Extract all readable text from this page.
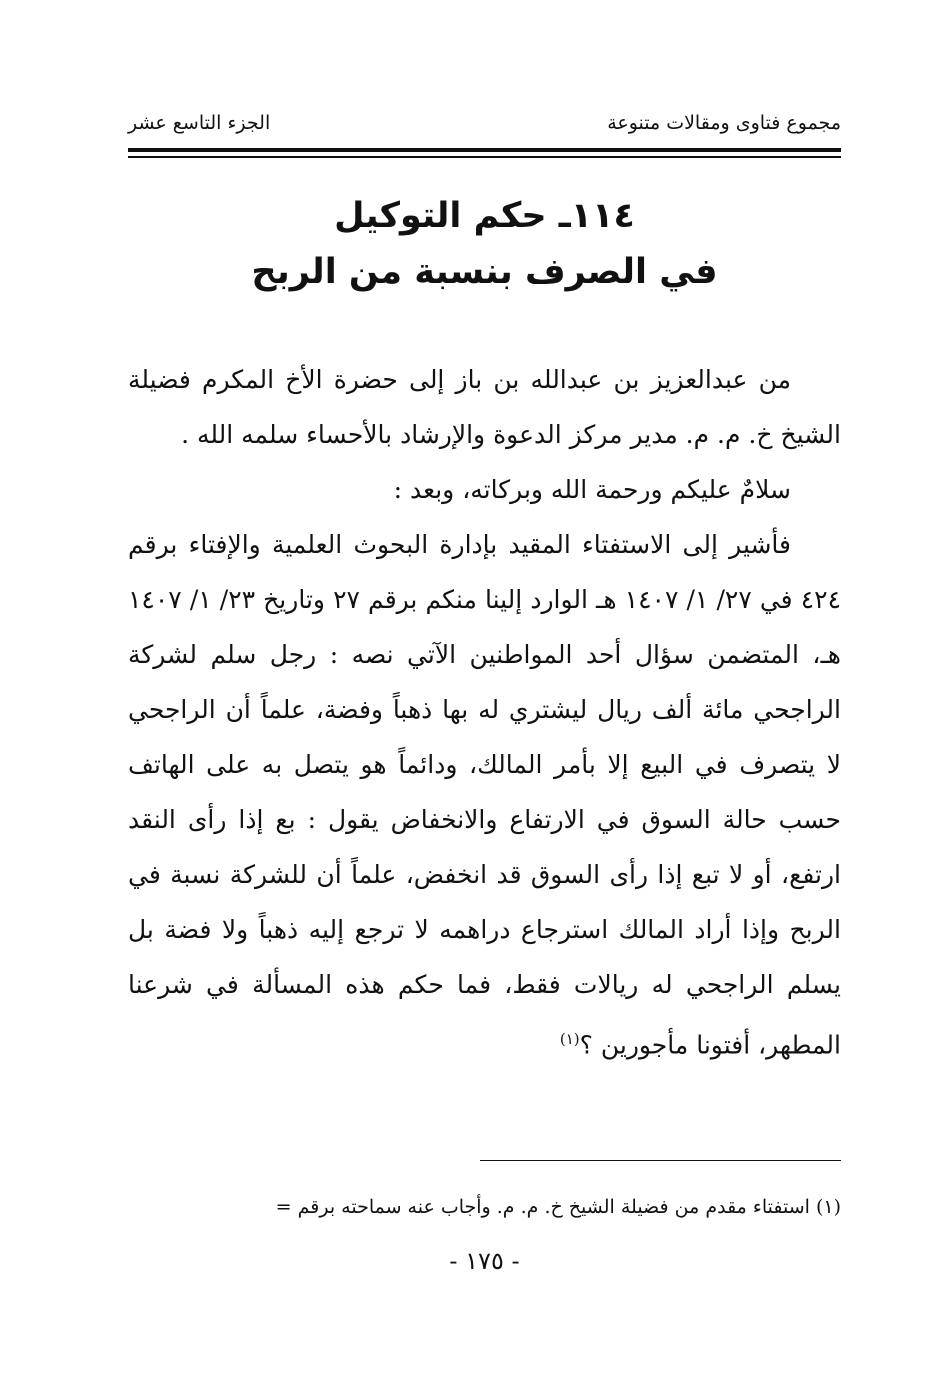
مجموع فتاوى ومقالات متنوعة
الجزء التاسع عشر
١١٤ـ حكم التوكيل
في الصرف بنسبة من الربح

من عبدالعزيز بن عبدالله بن باز إلى حضرة الأخ المكرم فضيلة الشيخ خ. م. م. مدير مركز الدعوة والإرشاد بالأحساء سلمه الله .

سلامٌ عليكم ورحمة الله وبركاته، وبعد :

فأشير إلى الاستفتاء المقيد بإدارة البحوث العلمية والإفتاء برقم ٤٢٤ في ٢٧/ ١/ ١٤٠٧ هـ الوارد إلينا منكم برقم ٢٧ وتاريخ ٢٣/ ١/ ١٤٠٧ هـ، المتضمن سؤال أحد المواطنين الآتي نصه : رجل سلم لشركة الراجحي مائة ألف ريال ليشتري له بها ذهباً وفضة، علماً أن الراجحي لا يتصرف في البيع إلا بأمر المالك، ودائماً هو يتصل به على الهاتف حسب حالة السوق في الارتفاع والانخفاض يقول : بع إذا رأى النقد ارتفع، أو لا تبع إذا رأى السوق قد انخفض، علماً أن للشركة نسبة في الربح وإذا أراد المالك استرجاع دراهمه لا ترجع إليه ذهباً ولا فضة بل يسلم الراجحي له ريالات فقط، فما حكم هذه المسألة في شرعنا المطهر، أفتونا مأجورين ؟$^{(١)}$

(١) استفتاء مقدم من فضيلة الشيخ خ. م. م. وأجاب عنه سماحته برقم =
- ١٧٥ -
